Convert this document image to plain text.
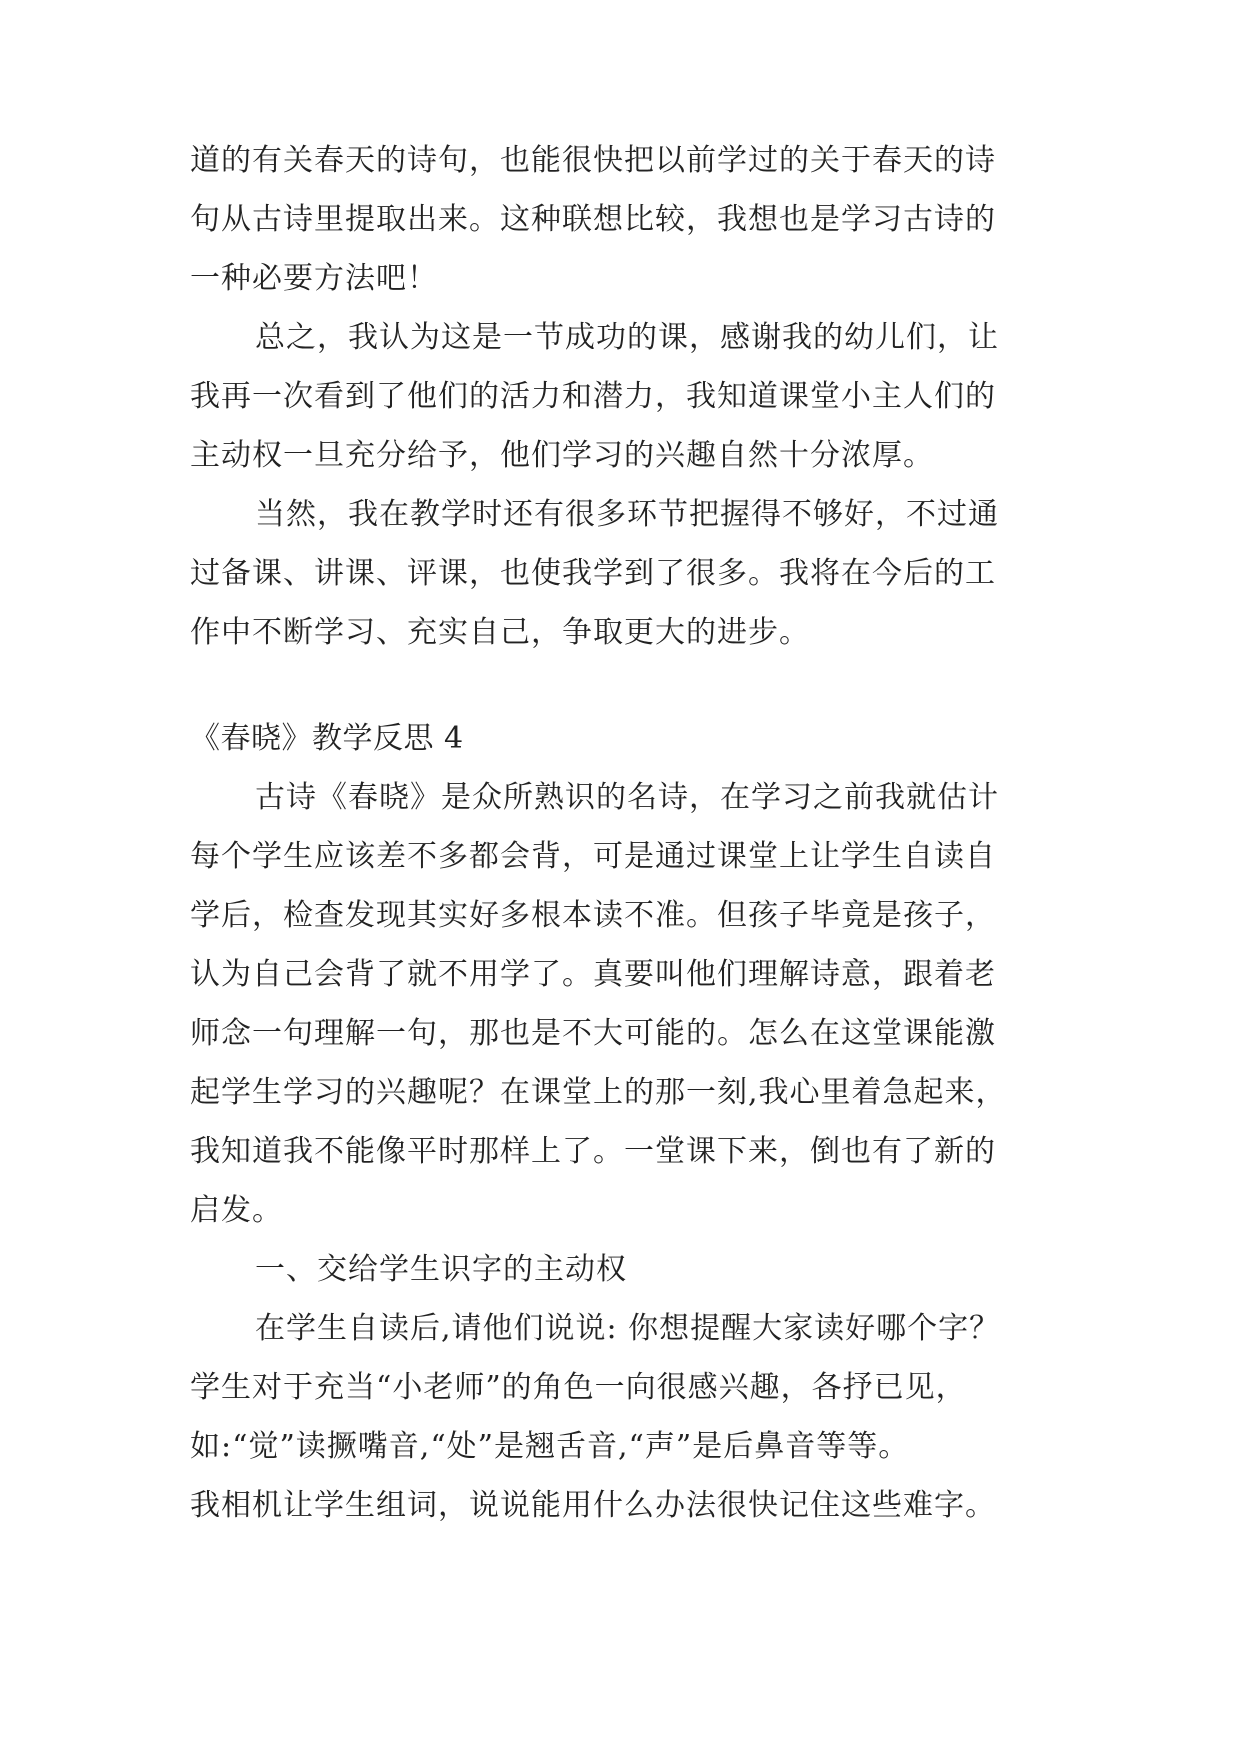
道的有关春天的诗句，也能很快把以前学过的关于春天的诗
句从古诗里提取出来。这种联想比较，我想也是学习古诗的
一种必要方法吧！
总之，我认为这是一节成功的课，感谢我的幼儿们，让
我再一次看到了他们的活力和潜力，我知道课堂小主人们的
主动权一旦充分给予，他们学习的兴趣自然十分浓厚。
当然，我在教学时还有很多环节把握得不够好，不过通
过备课、讲课、评课，也使我学到了很多。我将在今后的工
作中不断学习、充实自己，争取更大的进步。
《春晓》教学反思 4
古诗《春晓》是众所熟识的名诗，在学习之前我就估计
每个学生应该差不多都会背，可是通过课堂上让学生自读自
学后，检查发现其实好多根本读不准。但孩子毕竟是孩子，
认为自己会背了就不用学了。真要叫他们理解诗意，跟着老
师念一句理解一句，那也是不大可能的。怎么在这堂课能激
起学生学习的兴趣呢？在课堂上的那一刻,我心里着急起来，
我知道我不能像平时那样上了。一堂课下来，倒也有了新的
启发。
一、交给学生识字的主动权
在学生自读后,请他们说说: 你想提醒大家读好哪个字？
学生对于充当“小老师”的角色一向很感兴趣，各抒已见，
如:“觉”读撅嘴音,“处”是翘舌音,“声”是后鼻音等等。
我相机让学生组词，说说能用什么办法很快记住这些难字。
